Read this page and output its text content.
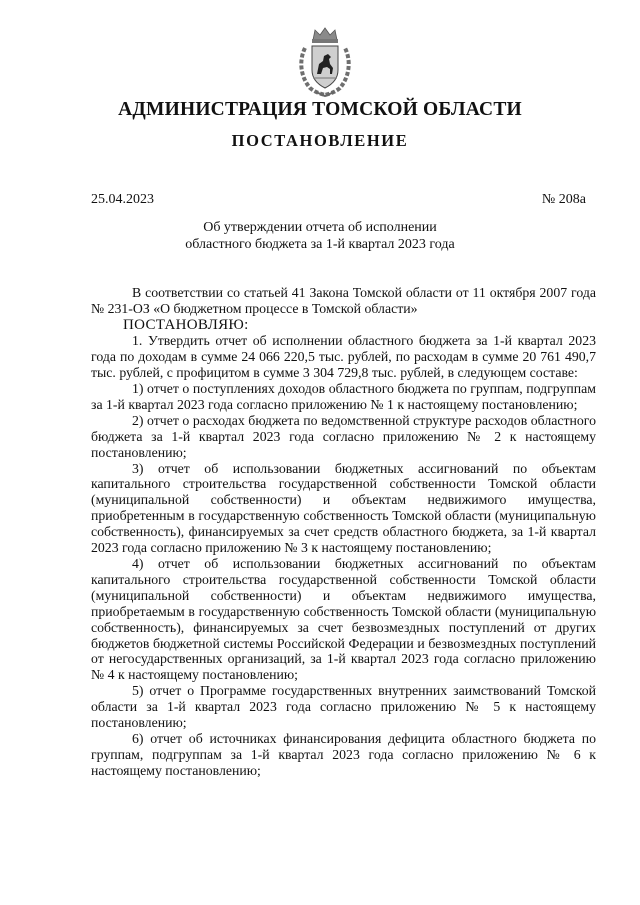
АДМИНИСТРАЦИЯ ТОМСКОЙ ОБЛАСТИ
ПОСТАНОВЛЕНИЕ
25.04.2023	№ 208а
Об утверждении отчета об исполнении
областного бюджета за 1-й квартал 2023 года

В соответствии со статьей 41 Закона Томской области от 11 октября 2007 года № 231-ОЗ «О бюджетном процессе в Томской области»

ПОСТАНОВЛЯЮ:

1. Утвердить отчет об исполнении областного бюджета за 1-й квартал 2023 года по доходам в сумме 24 066 220,5 тыс. рублей, по расходам в сумме 20 761 490,7 тыс. рублей, с профицитом в сумме 3 304 729,8 тыс. рублей, в следующем составе:

1) отчет о поступлениях доходов областного бюджета по группам, подгруппам за 1-й квартал 2023 года согласно приложению № 1 к настоящему постановлению;

2) отчет о расходах бюджета по ведомственной структуре расходов областного бюджета за 1-й квартал 2023 года согласно приложению № 2 к настоящему постановлению;

3) отчет об использовании бюджетных ассигнований по объектам капитального строительства государственной собственности Томской области (муниципальной собственности) и объектам недвижимого имущества, приобретенным в государственную собственность Томской области (муниципальную собственность), финансируемых за счет средств областного бюджета, за 1-й квартал 2023 года согласно приложению № 3 к настоящему постановлению;

4) отчет об использовании бюджетных ассигнований по объектам капитального строительства государственной собственности Томской области (муниципальной собственности) и объектам недвижимого имущества, приобретаемым в государственную собственность Томской области (муниципальную собственность), финансируемых за счет безвозмездных поступлений от других бюджетов бюджетной системы Российской Федерации и безвозмездных поступлений от негосударственных организаций, за 1-й квартал 2023 года согласно приложению № 4 к настоящему постановлению;

5) отчет о Программе государственных внутренних заимствований Томской области за 1-й квартал 2023 года согласно приложению № 5 к настоящему постановлению;

6) отчет об источниках финансирования дефицита областного бюджета по группам, подгруппам за 1-й квартал 2023 года согласно приложению № 6 к настоящему постановлению;
